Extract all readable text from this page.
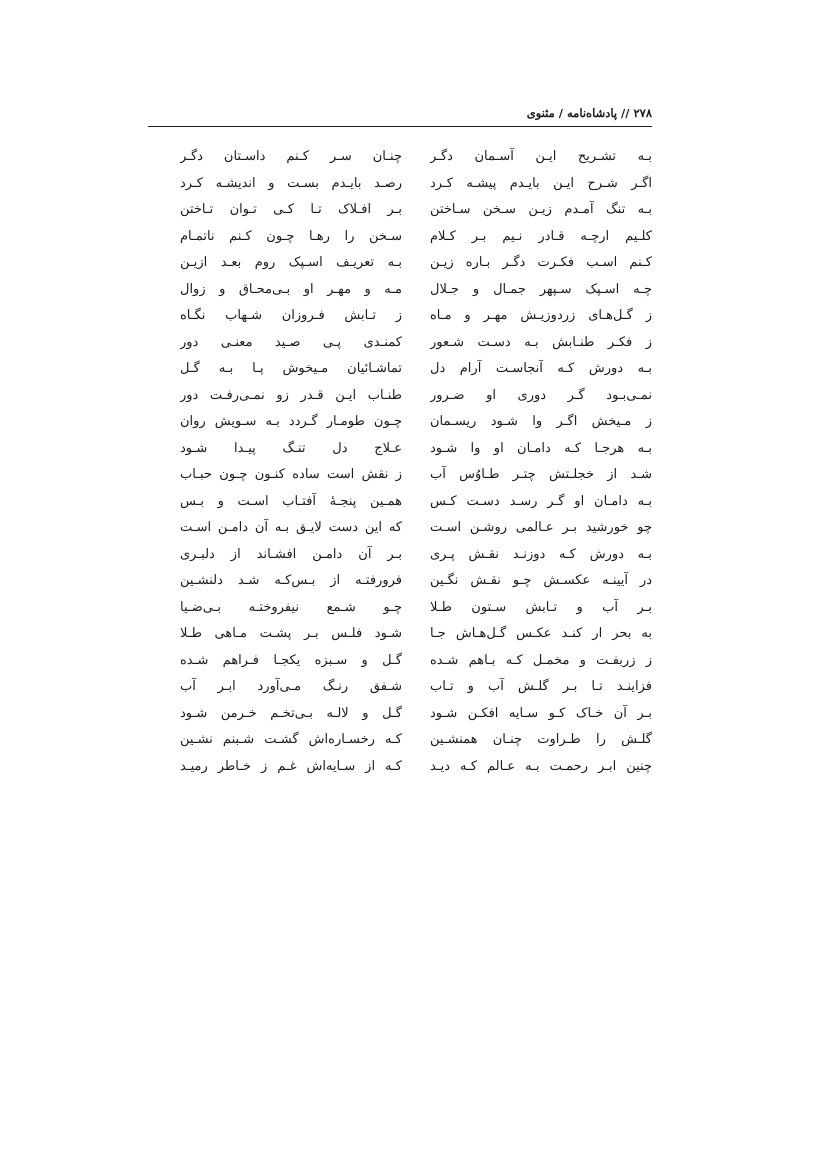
۲۷۸ // پادشاه‌نامه / مثنوی
بـه تشـریح ایـن آسـمان دگـر
اگـر شـرح ایـن بایـدم پیشـه کـرد
بـه تنگ آمـدم زیـن سـخن سـاختن
کلـیم ارچـه قـادر نـیم بـر کـلام
کـنم اسـب فکـرت دگـر بـاره زیـن
چـه اسـپک سـپهر جمـال و جـلال
ز گـل‌هـای زردوزیـش مهـر و مـاه
ز فکـر طنـابش بـه دسـت شـعور
بـه دورش کـه آنجاسـت آرام دل
نمـی‌بـود گـر دوری او ضـرور
ز مـیخش اگـر وا شـود ریسـمان
بـه هرجـا کـه دامـان او وا شـود
شـد از خجلـتش چتـر طـاوُس آب
بـه دامـان او گـر رسـد دسـت کـس
چو خورشید بـر عـالمی روشـن اسـت
بـه دورش کـه دوزنـد نقـش پـری
در آیینـه عکسـش چـو نقـش نگـین
بـر آب و تـابش سـتون طـلا
به بحر ار کنـد عکـس گـل‌هـاش جـا
ز زربفـت و مخمـل کـه بـاهم شـده
فزاینـد تـا بـر گلـش آب و تـاب
بـر آن خـاک کـو سـایه افکـن شـود
گلـش را طـراوت چنـان همنشـین
چنین ابـر رحمـت بـه عـالم کـه دیـد
چنـان سـر کـنم داسـتان دگـر
رصـد بایـدم بسـت و اندیشـه کـرد
بـر افـلاک تـا کـی تـوان تـاختن
سـخن را رهـا چـون کـنم ناتمـام
بـه تعریـف اسـپک روم بعـد ازیـن
مـه و مهـر او بـی‌محـاق و زوال
ز تـابش فـروزان شـهاب نگـاه
کمنـدی پـی صـید معنـی دور
تماشـائیان مـیخوش پـا بـه گـل
طنـاب ایـن قـدر زو نمـی‌رفـت دور
چـون طومـار گـردد بـه سـویش روان
عـلاج دل تنـگ پیـدا شـود
ز نقش است ساده کنـون چـون حبـاب
همـین پنجـهٔ آفتـاب اسـت و بـس
که این دست لایـق بـه آن دامـن اسـت
بـر آن دامـن افشـاند از دلبـری
فرورفتـه از بـس‌کـه شـد دلنشـین
چـو شـمع نیفروختـه بـی‌ضـیا
شـود فلـس بـر پشـت مـاهی طـلا
گـل و سـبزه یکجـا فـراهم شـده
شـفق رنـگ مـی‌آورد ابـر آب
گـل و لالـه بـی‌تخـم خـرمن شـود
کـه رخسـاره‌اش گشـت شـبنم نشـین
کـه از سـایه‌اش غـم ز خـاطر رمیـد
